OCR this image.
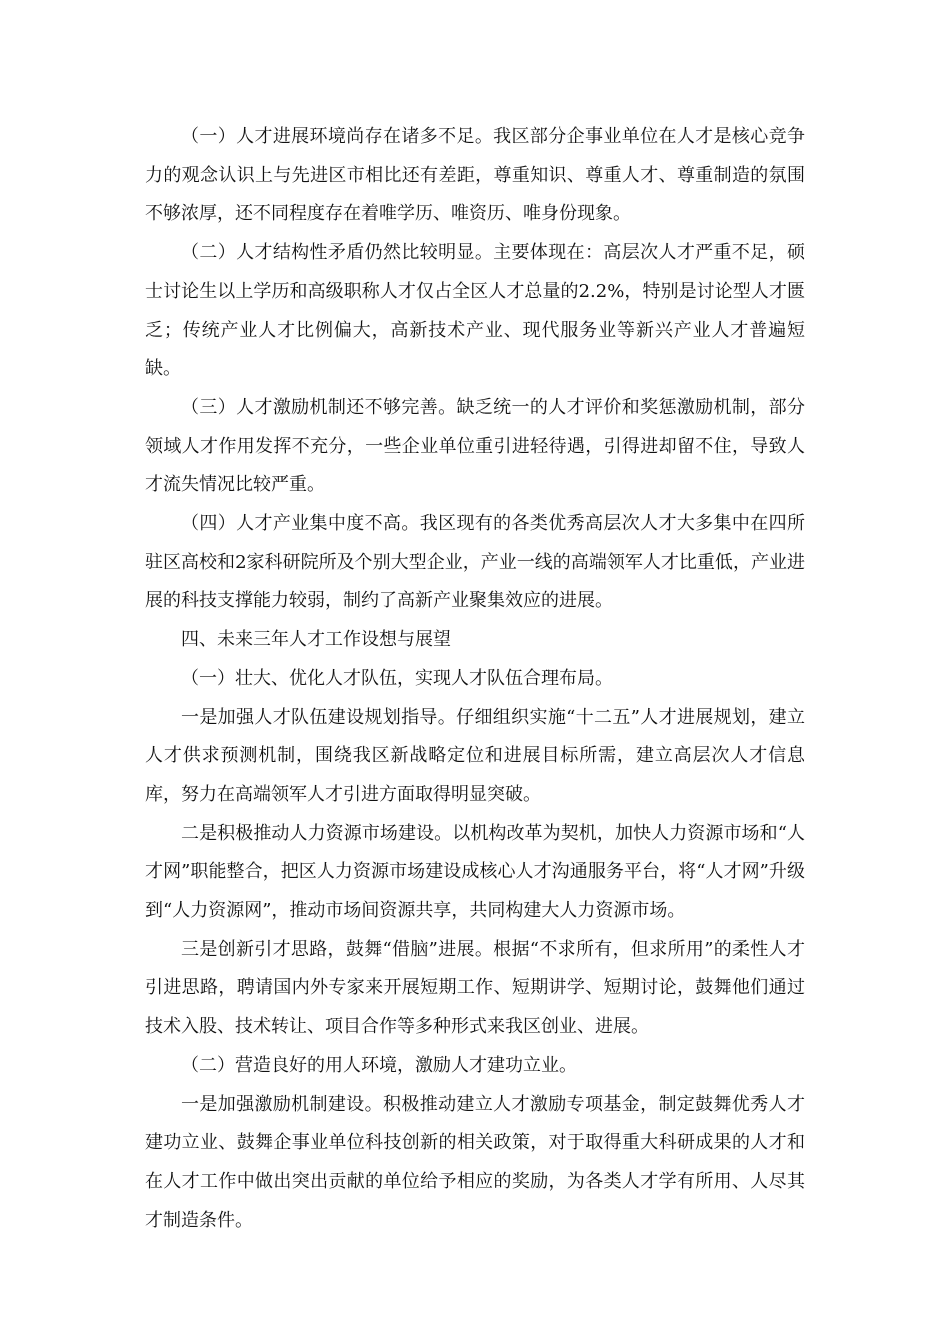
（一）人才进展环境尚存在诸多不足。我区部分企事业单位在人才是核心竞争力的观念认识上与先进区市相比还有差距，尊重知识、尊重人才、尊重制造的氛围不够浓厚，还不同程度存在着唯学历、唯资历、唯身份现象。

（二）人才结构性矛盾仍然比较明显。主要体现在：高层次人才严重不足，硕士讨论生以上学历和高级职称人才仅占全区人才总量的2.2%，特别是讨论型人才匮乏；传统产业人才比例偏大，高新技术产业、现代服务业等新兴产业人才普遍短缺。

（三）人才激励机制还不够完善。缺乏统一的人才评价和奖惩激励机制，部分领域人才作用发挥不充分，一些企业单位重引进轻待遇，引得进却留不住，导致人才流失情况比较严重。

（四）人才产业集中度不高。我区现有的各类优秀高层次人才大多集中在四所驻区高校和2家科研院所及个别大型企业，产业一线的高端领军人才比重低，产业进展的科技支撑能力较弱，制约了高新产业聚集效应的进展。

四、未来三年人才工作设想与展望

（一）壮大、优化人才队伍，实现人才队伍合理布局。

一是加强人才队伍建设规划指导。仔细组织实施“十二五”人才进展规划，建立人才供求预测机制，围绕我区新战略定位和进展目标所需，建立高层次人才信息库，努力在高端领军人才引进方面取得明显突破。

二是积极推动人力资源市场建设。以机构改革为契机，加快人力资源市场和“人才网”职能整合，把区人力资源市场建设成核心人才沟通服务平台，将“人才网”升级到“人力资源网”，推动市场间资源共享，共同构建大人力资源市场。

三是创新引才思路，鼓舞“借脑”进展。根据“不求所有，但求所用”的柔性人才引进思路，聘请国内外专家来开展短期工作、短期讲学、短期讨论，鼓舞他们通过技术入股、技术转让、项目合作等多种形式来我区创业、进展。

（二）营造良好的用人环境，激励人才建功立业。

一是加强激励机制建设。积极推动建立人才激励专项基金，制定鼓舞优秀人才建功立业、鼓舞企事业单位科技创新的相关政策，对于取得重大科研成果的人才和在人才工作中做出突出贡献的单位给予相应的奖励，为各类人才学有所用、人尽其才制造条件。
